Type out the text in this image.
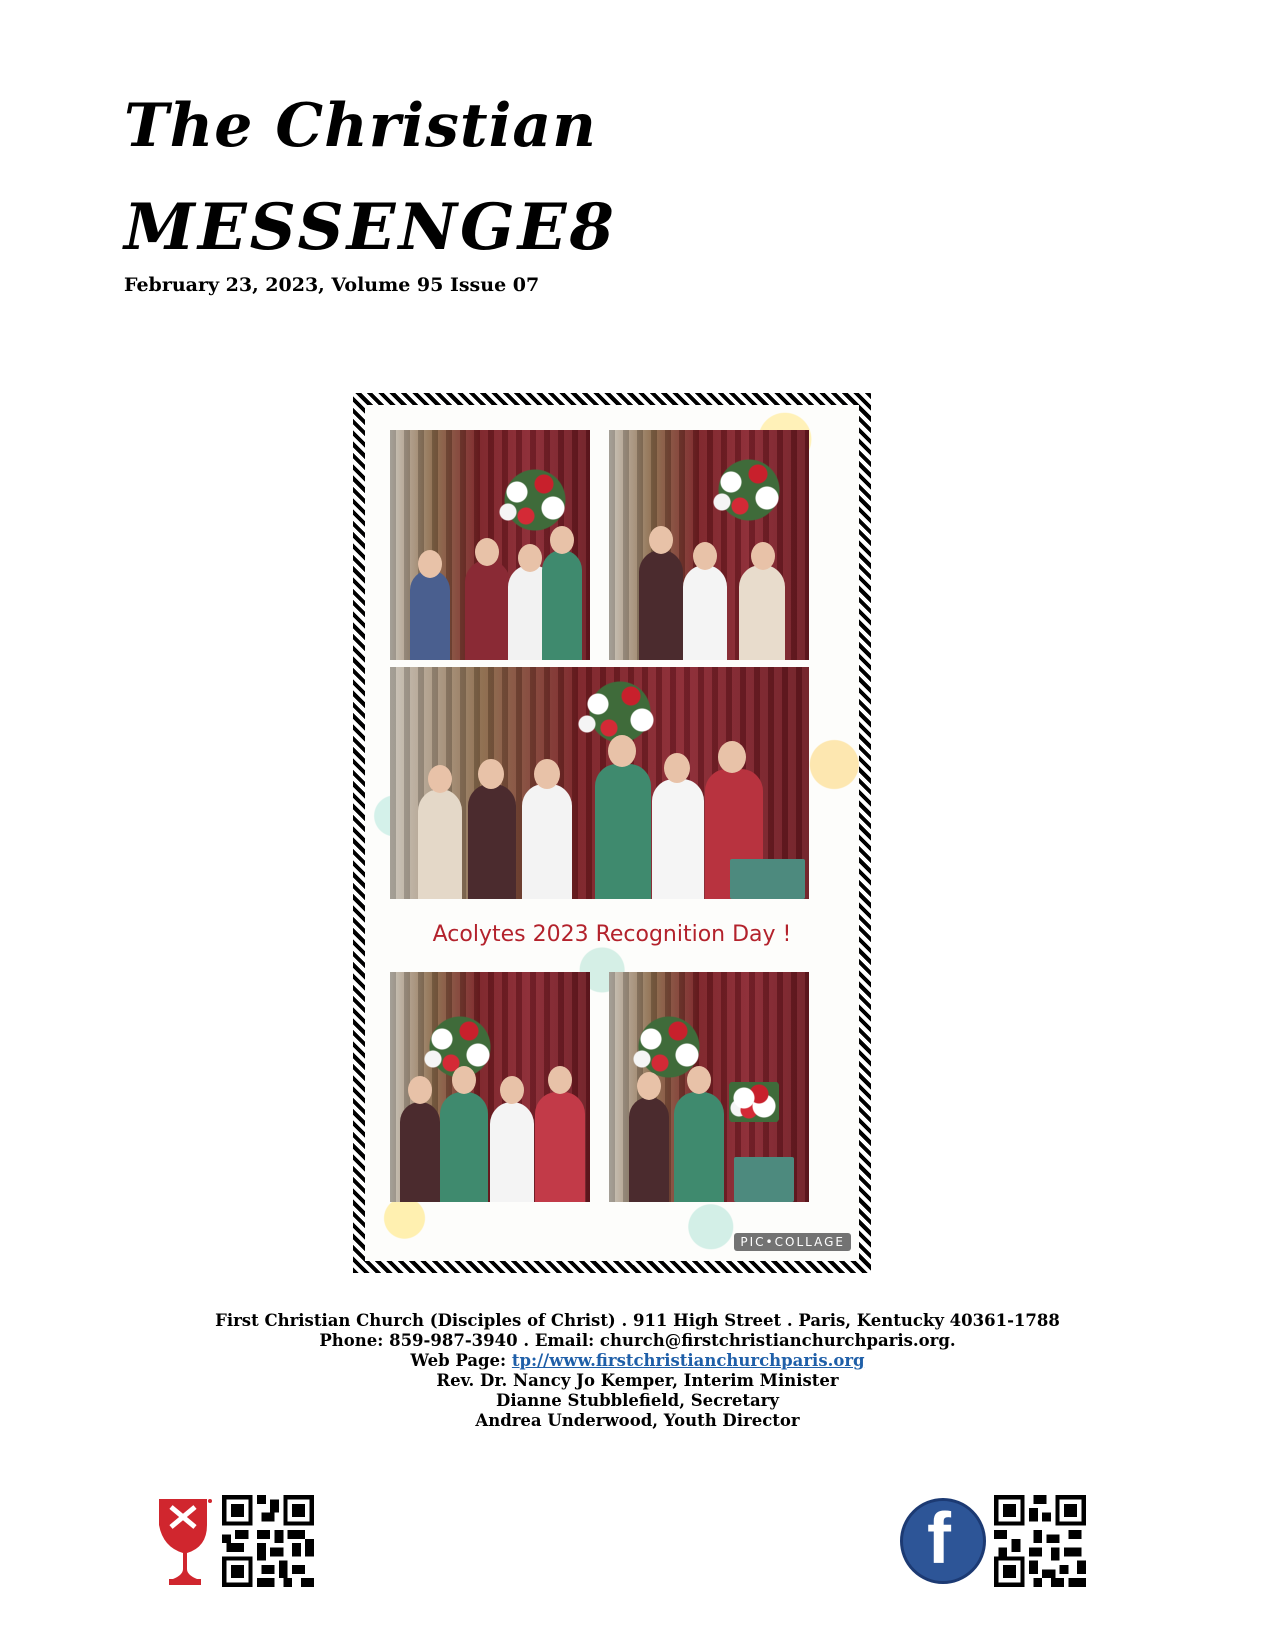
The Christian
MESSENGE8
February 23, 2023, Volume 95 Issue 07
Acolytes 2023 Recognition Day !
PIC•COLLAGE
First Christian Church (Disciples of Christ) . 911 High Street . Paris, Kentucky 40361-1788
Phone: 859-987-3940 . Email: church@firstchristianchurchparis.org.
Web Page: tp://www.firstchristianchurchparis.org
Rev. Dr. Nancy Jo Kemper, Interim Minister
Dianne Stubblefield, Secretary
Andrea Underwood, Youth Director
f
